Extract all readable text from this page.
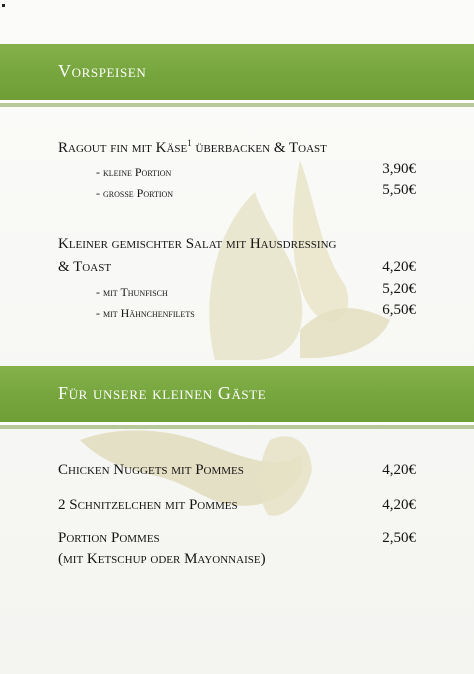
Vorspeisen
Ragout fin mit Käse$^1$ überbacken & Toast
- kleine Portion	3,90€
- große Portion	5,50€
Kleiner gemischter Salat mit Hausdressing
& Toast	4,20€
- mit Thunfisch	5,20€
- mit Hähnchenfilets	6,50€
Für unsere kleinen Gäste
Chicken Nuggets mit Pommes	4,20€
2 Schnitzelchen mit Pommes	4,20€
Portion Pommes	2,50€
(mit Ketschup oder Mayonnaise)
